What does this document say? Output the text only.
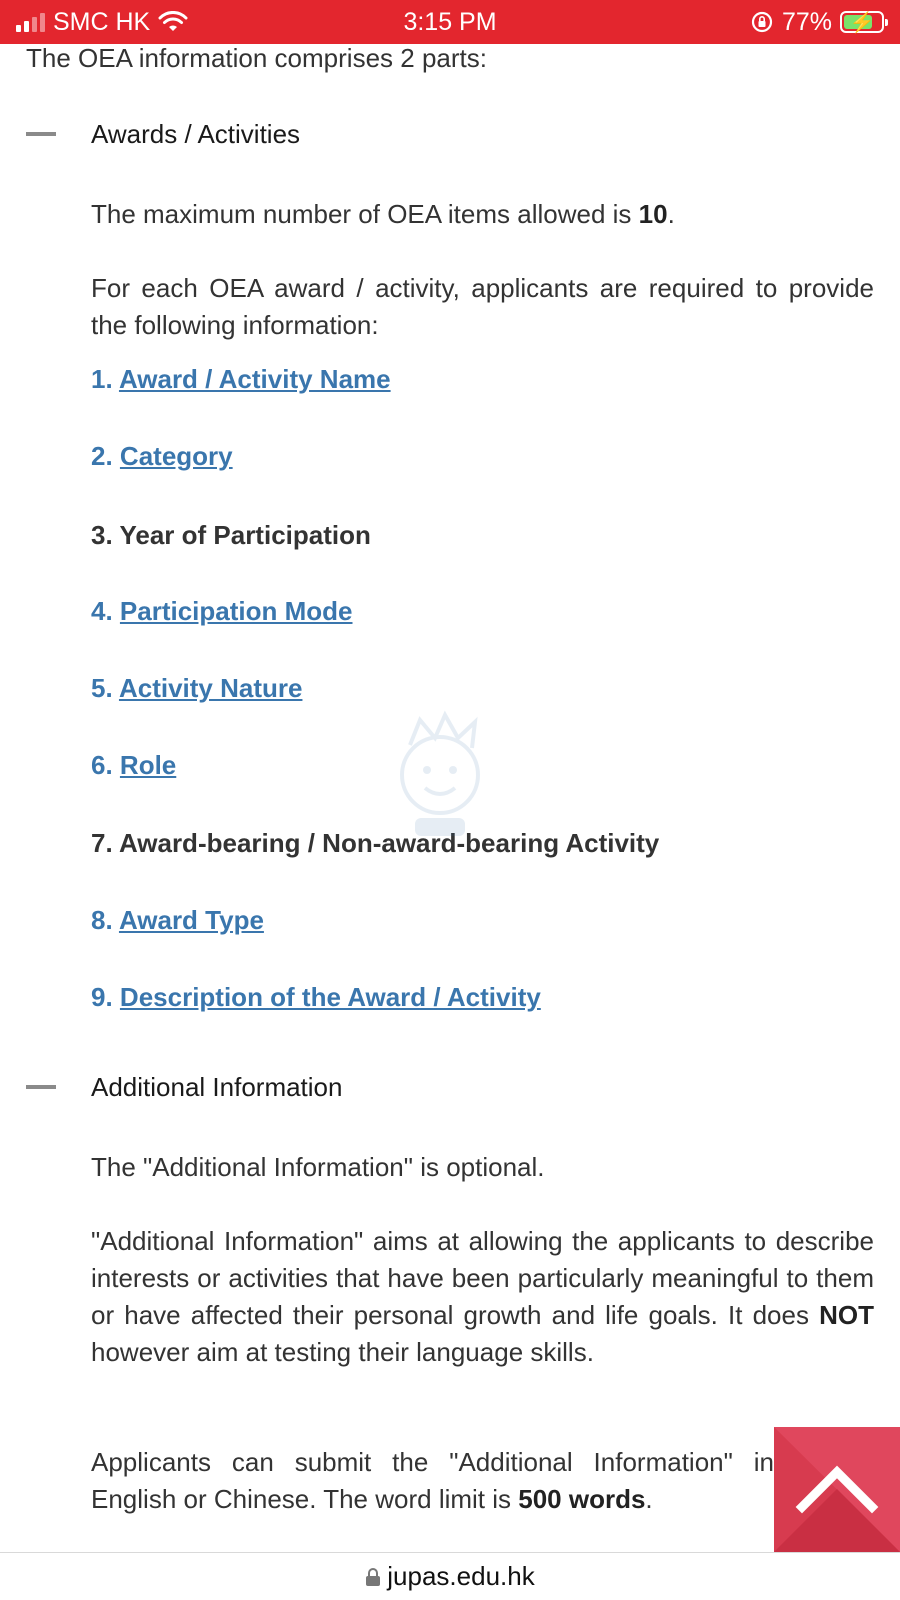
SMC HK	3:15 PM	77% ⚡
The OEA information comprises 2 parts:
Awards / Activities
The maximum number of OEA items allowed is 10.
For each OEA award / activity, applicants are required to provide the following information:
1. Award / Activity Name
2. Category
3. Year of Participation
4. Participation Mode
5. Activity Nature
6. Role
7. Award-bearing / Non-award-bearing Activity
8. Award Type
9. Description of the Award / Activity
Additional Information
The "Additional Information" is optional.
"Additional Information" aims at allowing the applicants to describe interests or activities that have been particularly meaningful to them or have affected their personal growth and life goals. It does NOT however aim at testing their language skills.
Applicants can submit the "Additional Information" in English or Chinese. The word limit is 500 words.
jupas.edu.hk
